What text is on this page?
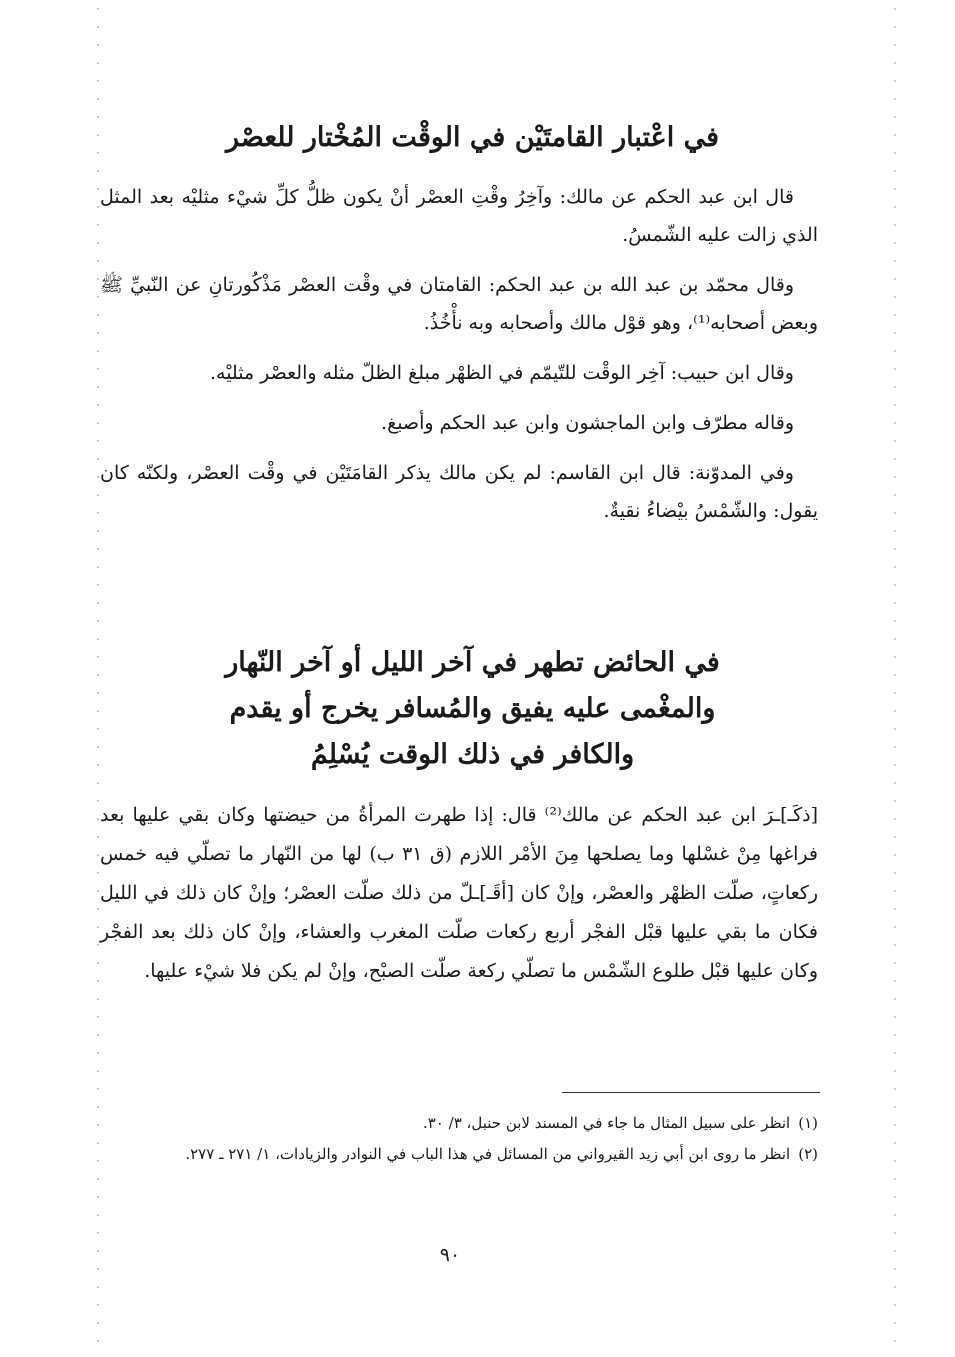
في اعْتبار القامتَيْن في الوقْت المُخْتار للعصْر

قال ابن عبد الحكم عن مالك: وآخِرُ وقْتِ العصْر أنْ يكون ظلُّ كلِّ شيْء مثليْه بعد المثل الذي زالت عليه الشّمسُ.

وقال محمّد بن عبد الله بن عبد الحكم: القامتان في وقْت العصْر مَذْكُورتانِ عن النّبيِّ ﷺ وبعض أصحابه⁽¹⁾، وهو قوْل مالك وأصحابه وبه نأْخُذُ.

وقال ابن حبيب: آخِر الوقْت للتّيمّم في الظهْر مبلغ الظلّ مثله والعصْر مثليْه.

وقاله مطرّف وابن الماجشون وابن عبد الحكم وأصبغ.

وفي المدوّنة: قال ابن القاسم: لم يكن مالك يذكر القامَتَيْن في وقْت العصْر، ولكنّه كان يقول: والشّمْسُ بيْضاءُ نقيةٌ.

في الحائض تطهر في آخر الليل أو آخر النّهار
والمغْمى عليه يفيق والمُسافر يخرج أو يقدم
والكافر في ذلك الوقت يُسْلِمُ

[ذكَـ]ـرَ ابن عبد الحكم عن مالك⁽²⁾ قال: إذا طهرت المرأةُ من حيضتها وكان بقي عليها بعد فراغها مِنْ غسْلها وما يصلحها مِنَ الأمْر اللازم (ق ٣١ ب) لها من النّهار ما تصلّي فيه خمس ركعاتٍ، صلّت الظهْر والعصْر، وإنْ كان [أقَـ]ـلّ من ذلك صلّت العصْر؛ وإنْ كان ذلك في الليل فكان ما بقي عليها قبْل الفجْر أربع ركعات صلّت المغرب والعشاء، وإنْ كان ذلك بعد الفجْر وكان عليها قبْل طلوع الشّمْس ما تصلّي ركعة صلّت الصبْح، وإنْ لم يكن فلا شيْء عليها.

(١)انظر على سبيل المثال ما جاء في المسند لابن حنبل، ٣/ ٣٠.

(٢)انظر ما روى ابن أبي زيد القيرواني من المسائل في هذا الباب في النوادر والزيادات، ١/ ٢٧١ ـ ٢٧٧.

٩٠
